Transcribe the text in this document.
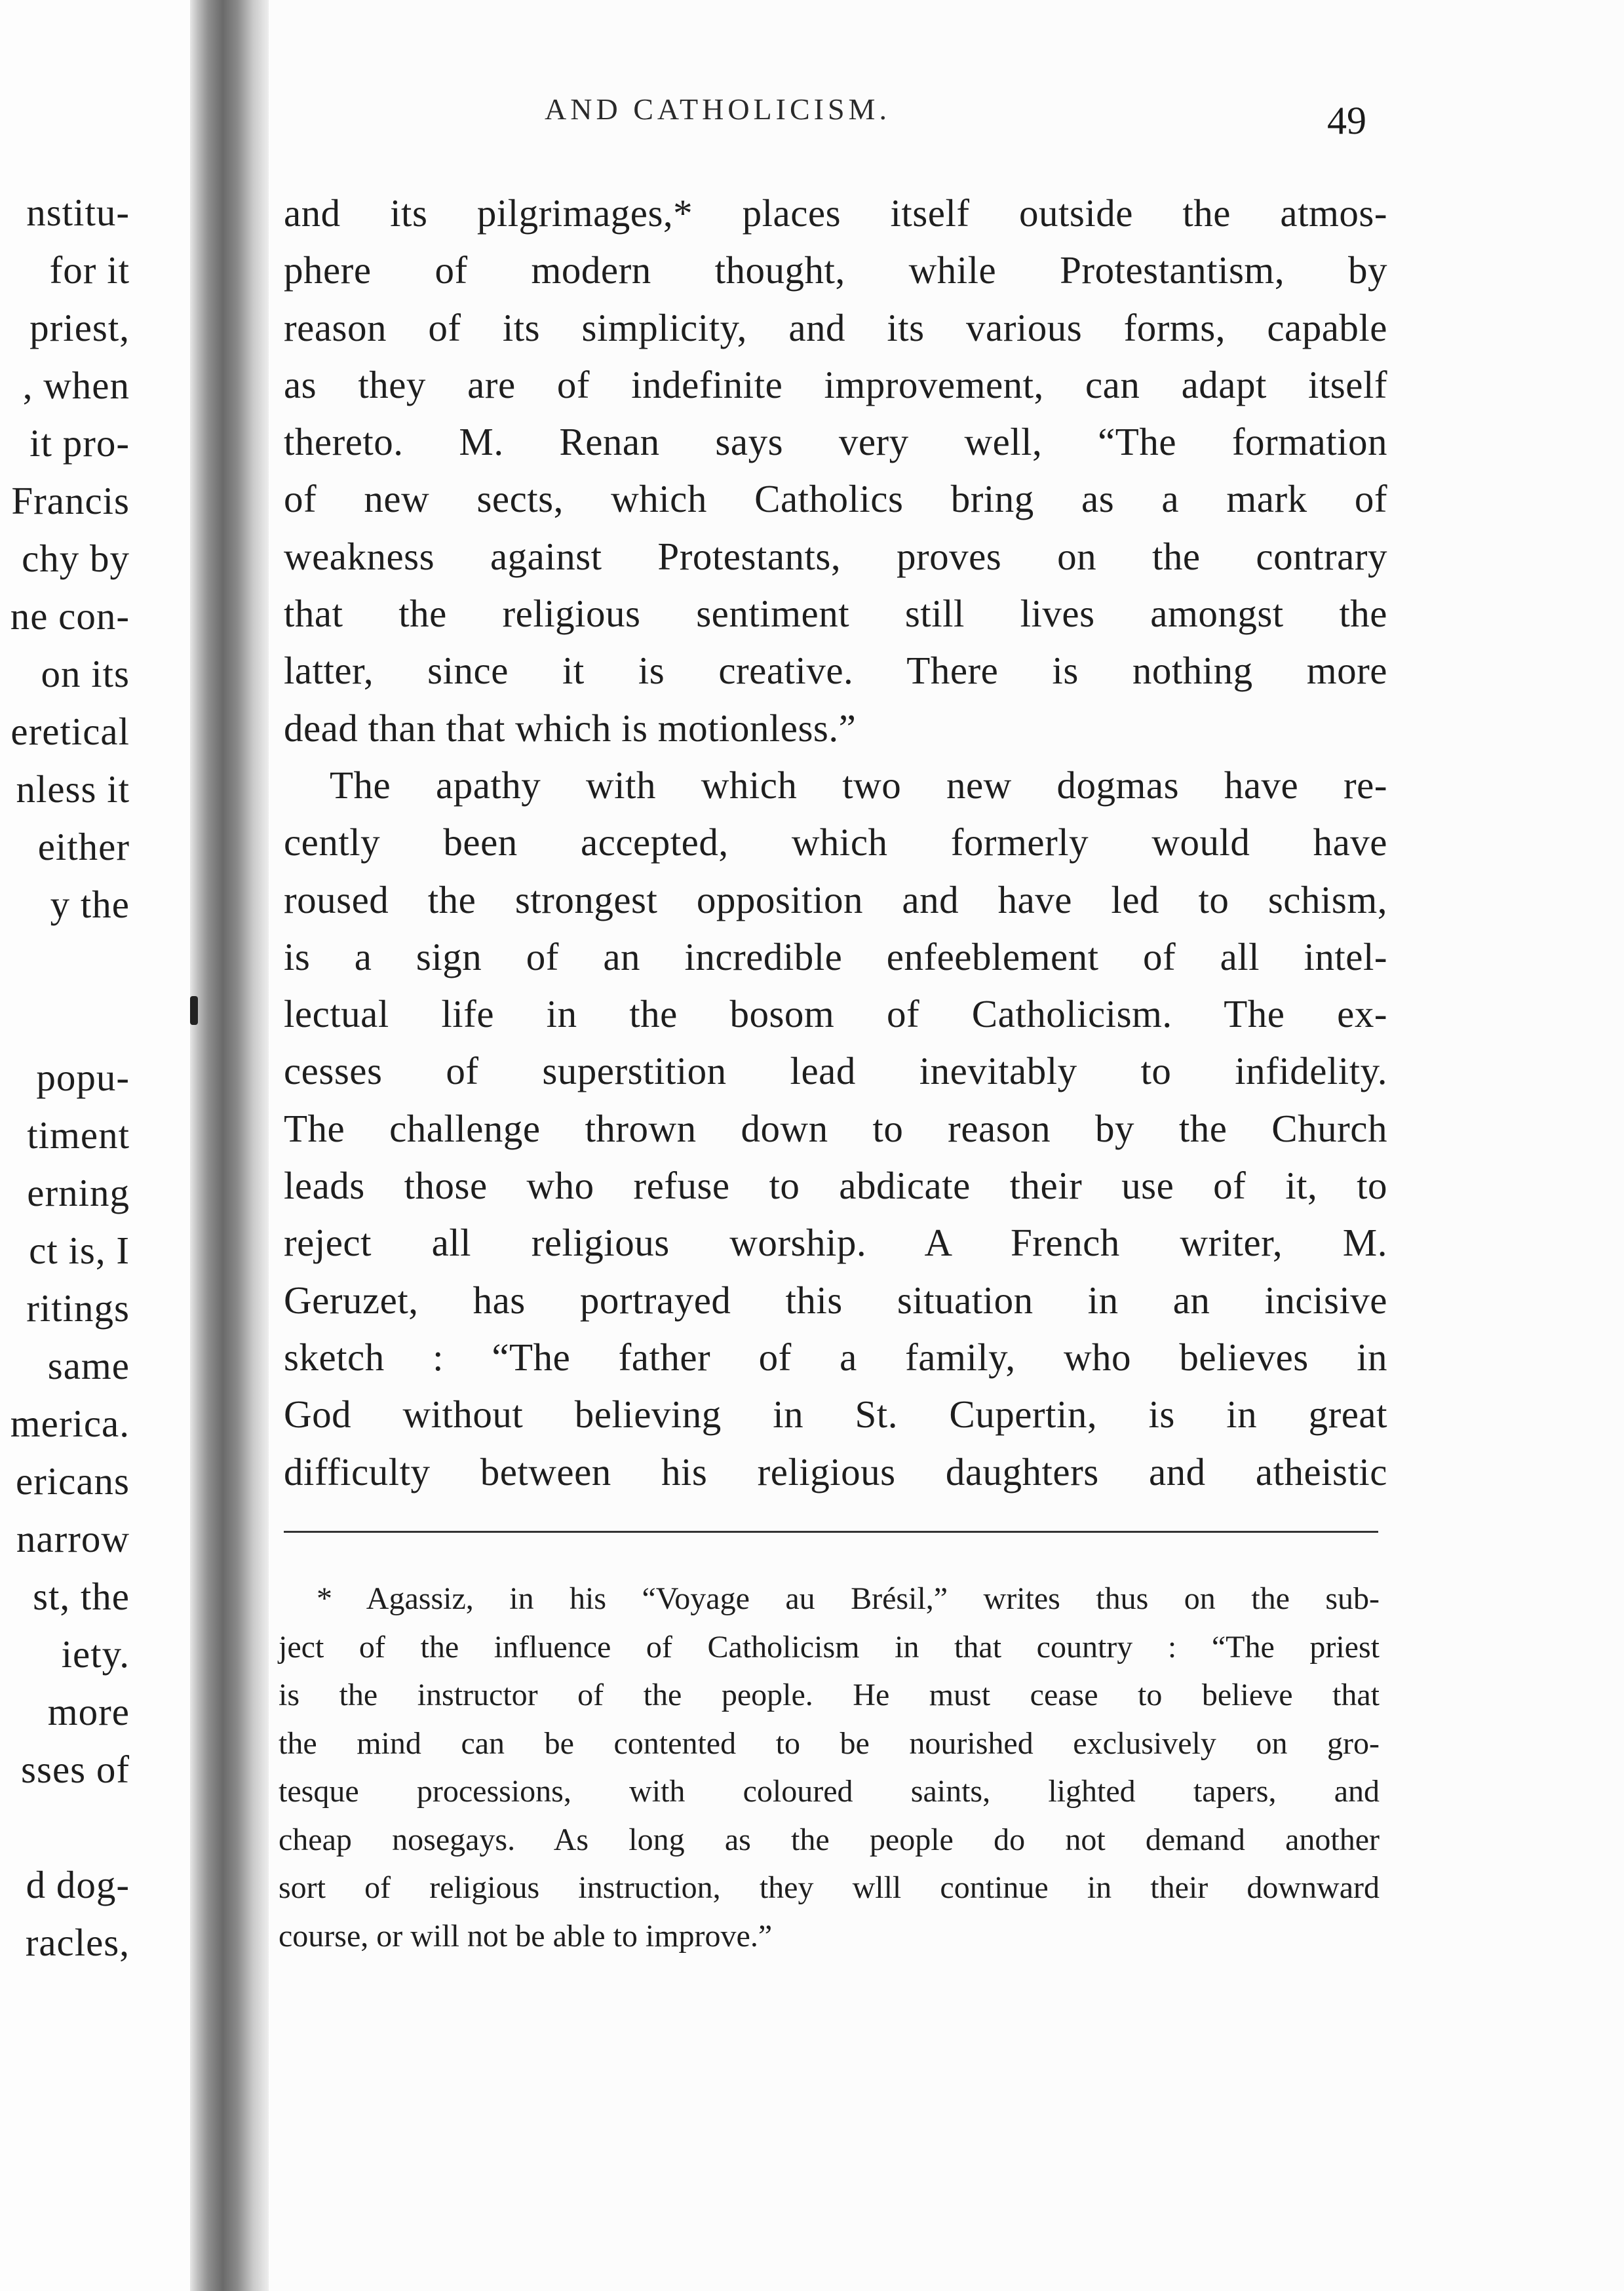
nstitu-
for it
priest,
, when
it pro-
Francis
chy by
ne con-
on its
eretical
nless it
either
y the
popu-
timent
erning
ct is, I
ritings
same
merica.
ericans
narrow
st, the
iety.
more
sses of
d dog-
racles,
AND CATHOLICISM.	49
and its pilgrimages,* places itself outside the atmos-
phere of modern thought, while Protestantism, by
reason of its simplicity, and its various forms, capable
as they are of indefinite improvement, can adapt itself
thereto. M. Renan says very well, “The formation
of new sects, which Catholics bring as a mark of
weakness against Protestants, proves on the contrary
that the religious sentiment still lives amongst the
latter, since it is creative. There is nothing more
dead than that which is motionless.”
The apathy with which two new dogmas have re-
cently been accepted, which formerly would have
roused the strongest opposition and have led to schism,
is a sign of an incredible enfeeblement of all intel-
lectual life in the bosom of Catholicism. The ex-
cesses of superstition lead inevitably to infidelity.
The challenge thrown down to reason by the Church
leads those who refuse to abdicate their use of it, to
reject all religious worship. A French writer, M.
Geruzet, has portrayed this situation in an incisive
sketch : “The father of a family, who believes in
God without believing in St. Cupertin, is in great
difficulty between his religious daughters and atheistic
* Agassiz, in his “Voyage au Brésil,” writes thus on the sub-
ject of the influence of Catholicism in that country : “The priest
is the instructor of the people. He must cease to believe that
the mind can be contented to be nourished exclusively on gro-
tesque processions, with coloured saints, lighted tapers, and
cheap nosegays. As long as the people do not demand another
sort of religious instruction, they wlll continue in their downward
course, or will not be able to improve.”
